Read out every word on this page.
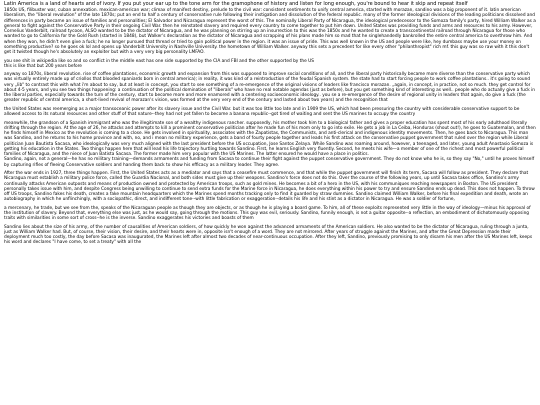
Latin America is a land of hearts and of ivory. If you put your ear up to the tone arm for the gramophone of history and listen for long enough, you're bound to hear it skip and repeat itself

1850s US, filibuster war, cuban annexation. mexican-american war; climax of manifest destiny, prelude to the civil war: consistent sentiments to unify central america, started with morazan, sandino was a big proponent of it. latin american liberalism, the "liberal revolution" of the late 1870s; put an end to half a century of conservative rule following their instigation and dissolution of the federal republic. many of the former ideological divisions of the leading politicians dissolved and differences in party became an issue of families and personalities; El Salvador and Nicaragua represent the worst of this. The nominally Liberal Party of Nicaragua, the ideological predecessor to the Somoza family's party, hired William Walker as a general to fight against the Conservative Party in their ongoing Civil War. then he reinstated slavery and required every country to come together to put him down. United States was providing funds and arms and resources to his army. However, Cornelius Vanderbilt, railroad tycoon, ALSO wanted to be the dictator of Nicaragua, and he was planning on stirring up an insurrection to this was the 1850s and he wanted to create a transcontinental railroad through Nicaragua for those who wanted to go to California for the Gold Rush (started in 1848), but Walker's declaration as the dictator of Nicaragua and scrapping of his plans made him so mad that he singlehandedly bankrolled the entire central america to overthrow him. And when they won, he didn't even give a fuck; he no longer pursued that thread or tried to gain political power in the region. it was an issue of pride. This was well known in the US and people were like, hey dumbass maybe use your money on something productive? so he goes ok lol and opens up Vanderbilt University in Nashville University. the hometown of William Walker. anyway this sets a precedent for like every other "philanthropist" rich mf. this guy was so raw with it this don't get it twisted though he's absolutely an exploiter but with a very very big personality LMFAO.

you see shit in wikipedia like so and so conflict in the middle east has one side supported by the CIA and FBI and the other supported by the US

this is like that but 200 years before

anyway so 1870s, liberal revolution. rise of coffee plantations, economic growth and expansion from this was supposed to improve social conditions of all, and the liberal party historically became more diverse than the conservative party which was virtually entirely made up of criollos that blooded spaniards born in central america); in reality, it was kind of a reintroduction of the feudal Spanish system. the state had to start forcing people to work coffee plantations.. it's going to sound very „lib" to contrast this with what i'm about to say, but at least in concept, you start to see something of a re-emergence of the original visions of leaders like francisco morazan. „again, in concept, in practice, not so much. they get control for about 4-5 years, and you see two things happening: a continuation of the political domination of "liberals" who have no real notable agendas (just as before), but you get something kind of interesting as well.. people who do actually give a fuck in the liberal parties, especially towards the turn of the century, start to become more and more enamored with a centering socioeconomic ideology.. you se a re-emergence of the desire of regional unity in leaders that again, do give a fuck (the greater republic of central america, a short-lived revival of morazan's vision, was formed at the very very end of the century and lasted about two years) and the recognition that

the United States was reemerging as a major transoceanic power after its slavery issue and the Civil War. but it was too little too late and in 1909 the US, which had been pressuring the country with considerable conservative support to be allowed access to its natural resources and other stuff of that nature--they had not yet fallen to become a banana republic--got tired of waiting and sent the US marines to occupy the country

meanwhile, the grandson of a Spanish immigrant who was the illegitimate son of a wealthy indigenous rancher. supposedly, his mother took him to a biological father and gives a proper education has spent most of his early adulthood literally drifting through the region. At the age of 26, he attacks and attempts to kill a prominent conservative politician after he made fun of his mom only to go into exile. He gets a job in La Ceiba, Honduras (shout out!), he goes to Guatemalan, and then he finds himself in Mexico as the revolution is coming to a close. He gets involved in spirituality, associates with the Zapatistas, the Communists, and anti-clerical and indigenous identity movements. Then, he goes back to Nicaragua. This man was Sandino, and he returns to his home province and with, no, and i mean no military experience, gets a band of fourty people together and leads his first attack on the conservative puppet government that ruled over the region while Liberal politician Juan Bautista Sacasa, who ideologically was very much aligned with the last president before the US occupation, Jose Santos Zelaya. While Sandino was roaming around, however, a teenaged, and later, young adult Anastasio Somoza is getting his education in the States. Two things happen here that will lead his life trajectory hurtling towards Sandino. First, he learns English very fluently. Second, he meets his wife—a member of one of the richest and most powerful political families of Nicaragua, and the niece of Juan Batista Sacasa. The former made him very popular with the US Marines. The latter ensured he would have a place in politics.

Sandino, again, not a general—he has no military training—demands armaments and funding from Sacasa to continue their fight against the puppet conservative government. They do not know who he is, so they say "No," until he proves himself by capturing rifles of fleeing Conservative soldiers and handing them back to show his efficacy as a military leader. They agree.

After the war ends in 1927, three things happen. First, the United States acts as a mediator and says that a ceasefire must commence, and that while the puppet government will finish its term, Sacasa will follow as president. They declare that Nicaragua must establish a military police force, called the Guardia Nacional, and both sides must give up their weapons. Sandino's force does not do this. Over the course of the following years, up until Sacasa takes office, Sandino's army continually attacks American outposts and means of production owned and protected by American troops, such as gold mines. He becomes a bit of a hero in the US, with his communiques reaching newspapers in Boston. The US president personally takes issue with him, and despite Congress being unwilling to continue to send extra funds for the Marine force in Nicaragua, he does everything within his power to try and ensure Sandino ends up dead. This does not happen. To throw off US troops, Sandino fakes his death, creates a fake mountain headquarters which the Marines spend months tracking only to find it guarded by straw dummies. Sandino claimed William Walker, before his final expedition and death, wrote an autobiography in which he unflinchingly, with a sociopathic, direct, and indifferent tone--with little fabrication or exaggeration--details his life and his stint as a dictator in Nicaragua. He was a soldier of fortune,

a mercenary, he trade, but we see from the, speaks of the Nicaraguan people as though they are objects, or as though he is playing a board game. To him, all of these exploits represented very little in the way of ideology—minus his approval of the institution of slavery. Beyond that, everything else was just, as he would say, going through the motions. This guy was evil, seriously. Sandino, funnily enough, is not a guitar opposite--a reflection, an embodiment of dichotomously opposing traits with similarities in some sort of cross--he is the inverse. Sandino exaggerates his victories and boasts of them

Sandino lies about the size of his army, of the number of causalities of American soldiers, of how quickly he won against the advanced armaments of the American soldiers. He also wanted to be the dictator of Nicaragua, ruling through a junta, just as William Walker had. But, of course, their vision, their desire, and their hearts were in, opposite isn't enough of a word. They are not mirrored. After years of struggle against the Marines, and after the Great Depression made their deployment much too costly, the day before Sacasa was inaugurated, the Marines left after almost two decades of near-continuous occupation. After they left, Sandino, previously promising to only disarm his men after the US Marines left, keeps his word and declares "I have come, to set a treaty" with all the
